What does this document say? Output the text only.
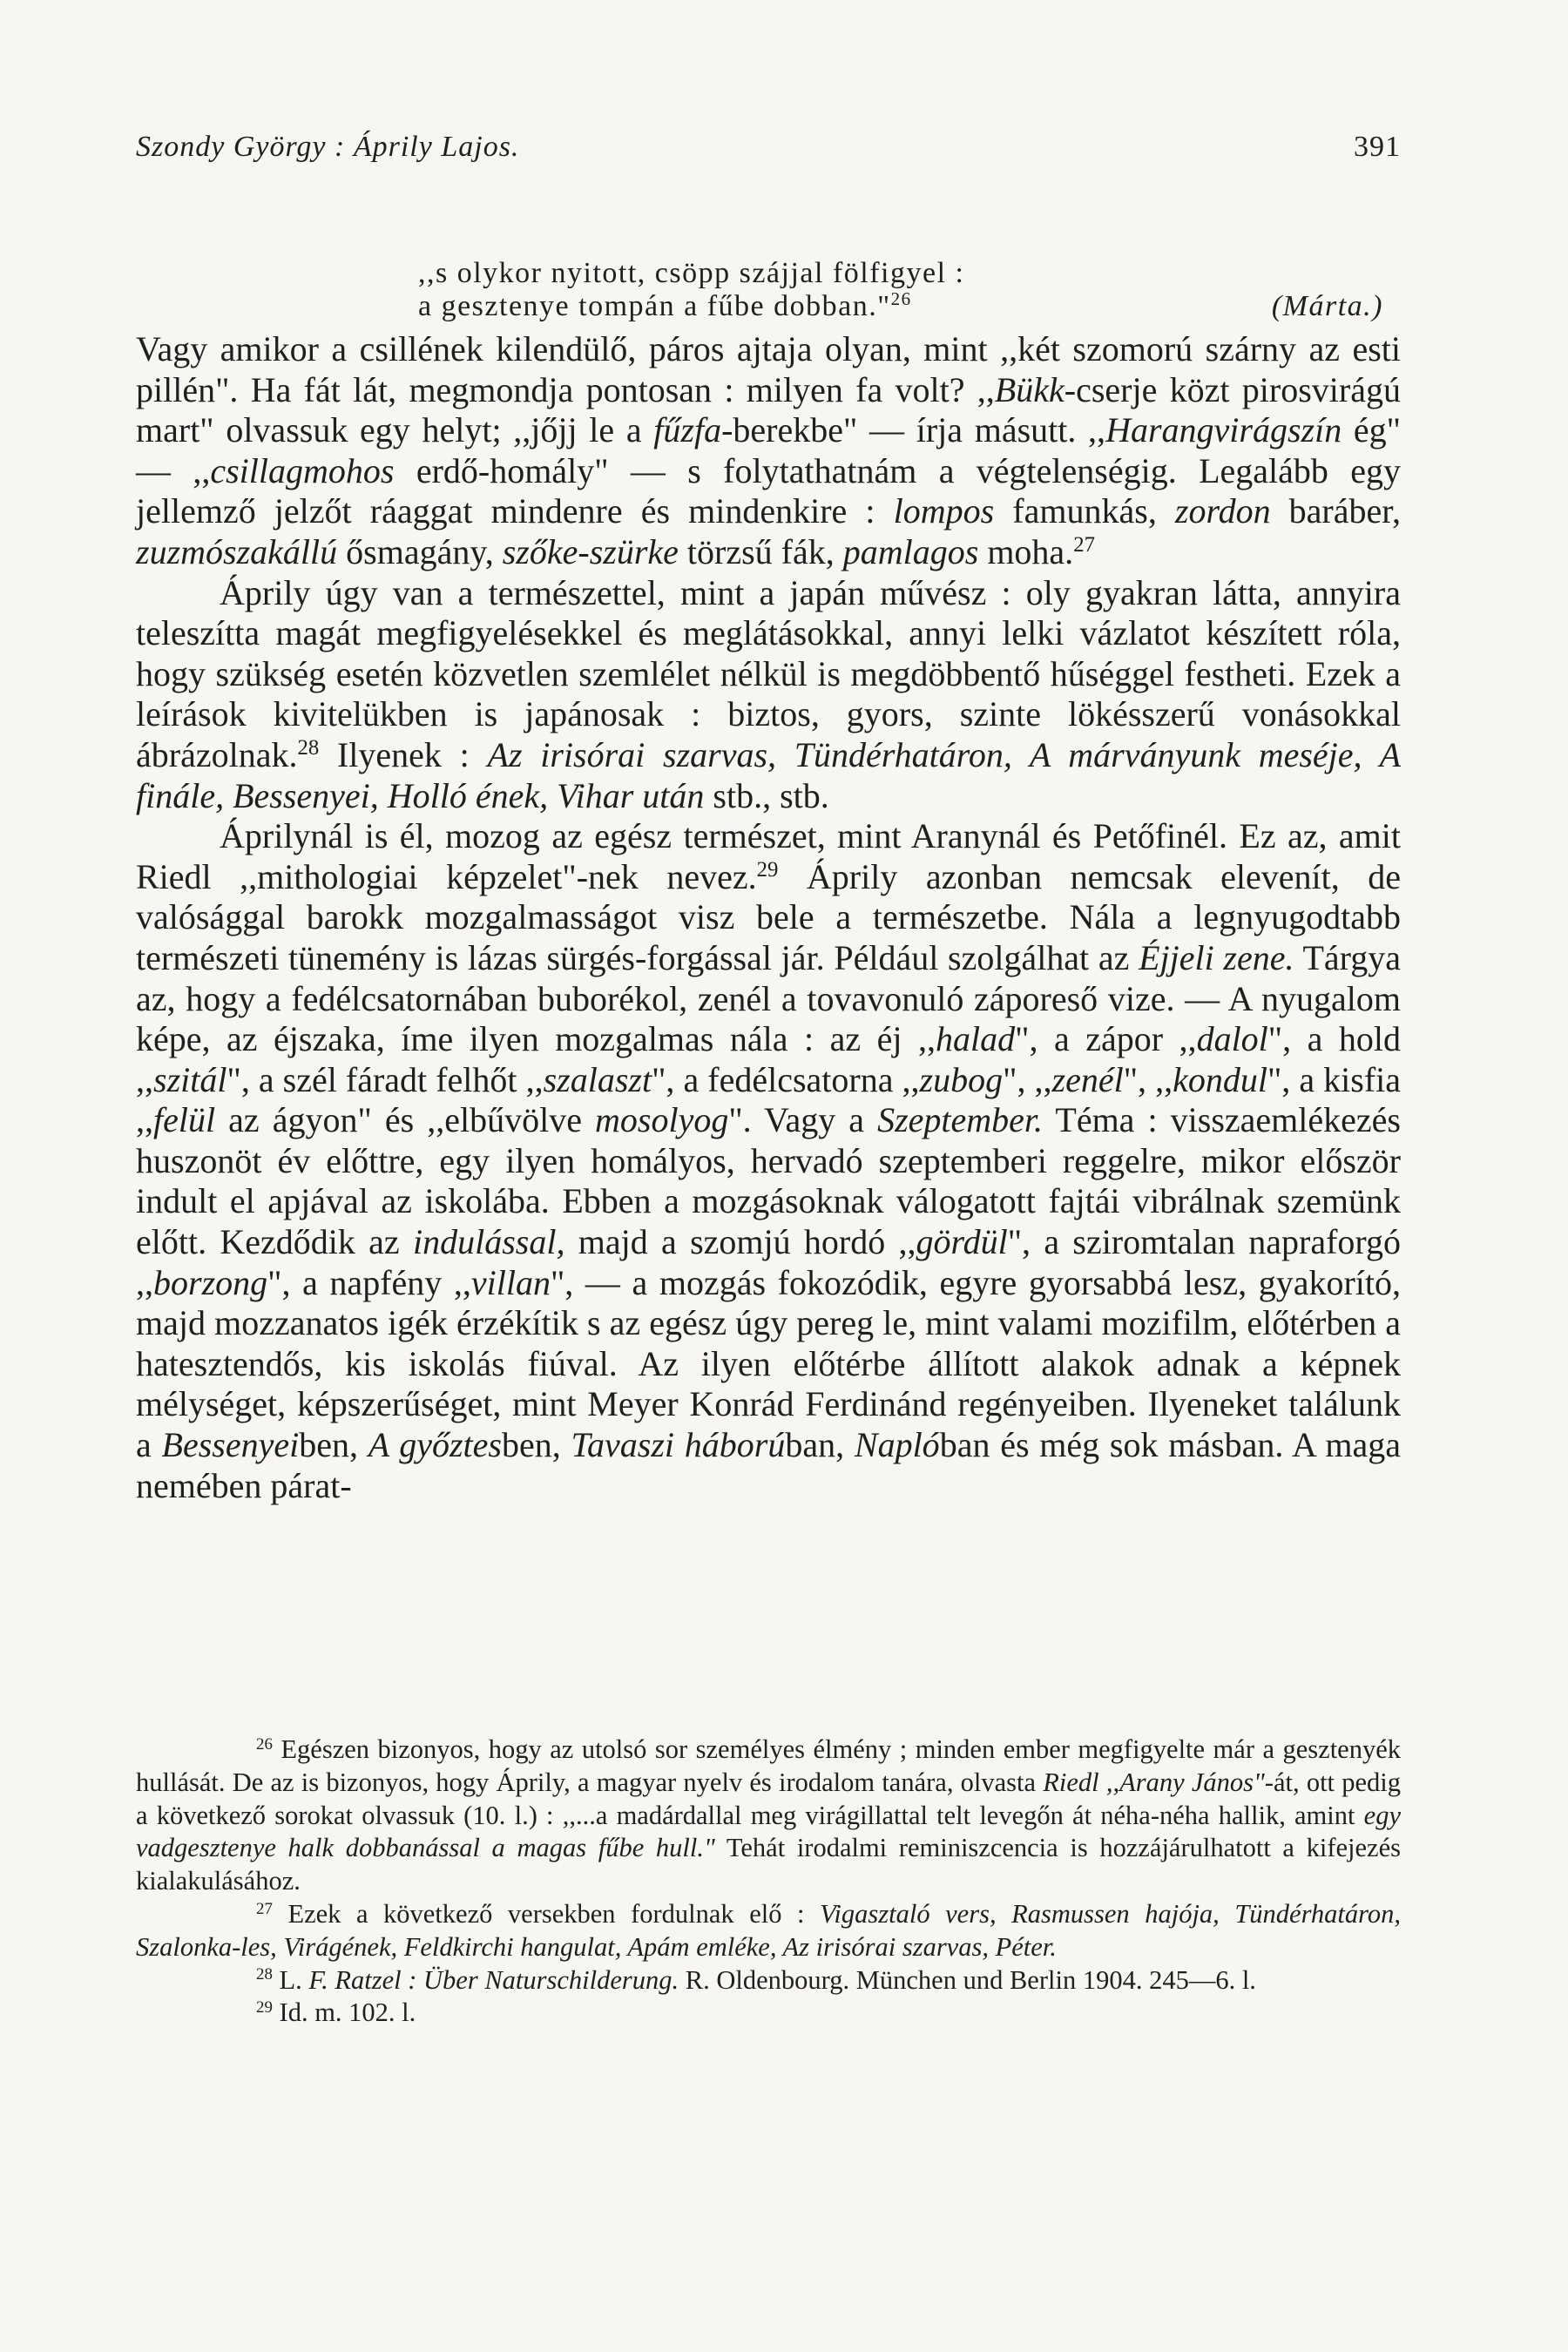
Szondy György : Áprily Lajos.	391
,,s olykor nyitott, csöpp szájjal fölfigyel :
a gesztenye tompán a fűbe dobban."$^{26}$	(Márta.)

Vagy amikor a csillének kilendülő, páros ajtaja olyan, mint ,,két szomorú szárny az esti pillén". Ha fát lát, megmondja pontosan : milyen fa volt? ,,Bükk-cserje közt pirosvirágú mart" olvassuk egy helyt; ,,jőjj le a fűzfa-berekbe" — írja másutt. ,,Harangvirágszín ég" — ,,csillagmohos erdő-homály" — s folytathatnám a végtelenségig. Legalább egy jellemző jelzőt ráaggat mindenre és mindenkire : lompos famunkás, zordon baráber, zuzmószakállú ősmagány, szőke-szürke törzsű fák, pamlagos moha.$^{27}$

Áprily úgy van a természettel, mint a japán művész : oly gyakran látta, annyira teleszítta magát megfigyelésekkel és meglátásokkal, annyi lelki vázlatot készített róla, hogy szükség esetén közvetlen szemlélet nélkül is megdöbbentő hűséggel festheti. Ezek a leírások kivitelükben is japánosak : biztos, gyors, szinte lökésszerű vonásokkal ábrázolnak.$^{28}$ Ilyenek : Az irisórai szarvas, Tündérhatáron, A márványunk meséje, A finále, Bessenyei, Holló ének, Vihar után stb., stb.

Áprilynál is él, mozog az egész természet, mint Aranynál és Petőfinél. Ez az, amit Riedl ,,mithologiai képzelet"-nek nevez.$^{29}$ Áprily azonban nemcsak elevenít, de valósággal barokk mozgalmasságot visz bele a természetbe. Nála a legnyugodtabb természeti tünemény is lázas sürgés-forgással jár. Például szolgálhat az Éjjeli zene. Tárgya az, hogy a fedélcsatornában buborékol, zenél a tovavonuló záporeső vize. — A nyugalom képe, az éjszaka, íme ilyen mozgalmas nála : az éj ,,halad", a zápor ,,dalol", a hold ,,szitál", a szél fáradt felhőt ,,szalaszt", a fedélcsatorna ,,zubog", ,,zenél", ,,kondul", a kisfia ,,felül az ágyon" és ,,elbűvölve mosolyog". Vagy a Szeptember. Téma : visszaemlékezés huszonöt év előttre, egy ilyen homályos, hervadó szeptemberi reggelre, mikor először indult el apjával az iskolába. Ebben a mozgásoknak válogatott fajtái vibrálnak szemünk előtt. Kezdődik az indulással, majd a szomjú hordó ,,gördül", a sziromtalan napraforgó ,,borzong", a napfény ,,villan", — a mozgás fokozódik, egyre gyorsabbá lesz, gyakorító, majd mozzanatos igék érzékítik s az egész úgy pereg le, mint valami mozifilm, előtérben a hatesztendős, kis iskolás fiúval. Az ilyen előtérbe állított alakok adnak a képnek mélységet, képszerűséget, mint Meyer Konrád Ferdinánd regényeiben. Ilyeneket találunk a Bessenyeiben, A győztesben, Tavaszi háborúban, Naplóban és még sok másban. A maga nemében párat-

$^{26}$ Egészen bizonyos, hogy az utolsó sor személyes élmény ; minden ember megfigyelte már a gesztenyék hullását. De az is bizonyos, hogy Áprily, a magyar nyelv és irodalom tanára, olvasta Riedl ,,Arany János"-át, ott pedig a következő sorokat olvassuk (10. l.) : ,,...a madárdallal meg virágillattal telt levegőn át néha-néha hallik, amint egy vadgesztenye halk dobbanással a magas fűbe hull." Tehát irodalmi reminiszcencia is hozzájárulhatott a kifejezés kialakulásához.

$^{27}$ Ezek a következő versekben fordulnak elő : Vigasztaló vers, Rasmussen hajója, Tündérhatáron, Szalonka-les, Virágének, Feldkirchi hangulat, Apám emléke, Az irisórai szarvas, Péter.

$^{28}$ L. F. Ratzel : Über Naturschilderung. R. Oldenbourg. München und Berlin 1904. 245—6. l.

$^{29}$ Id. m. 102. l.
